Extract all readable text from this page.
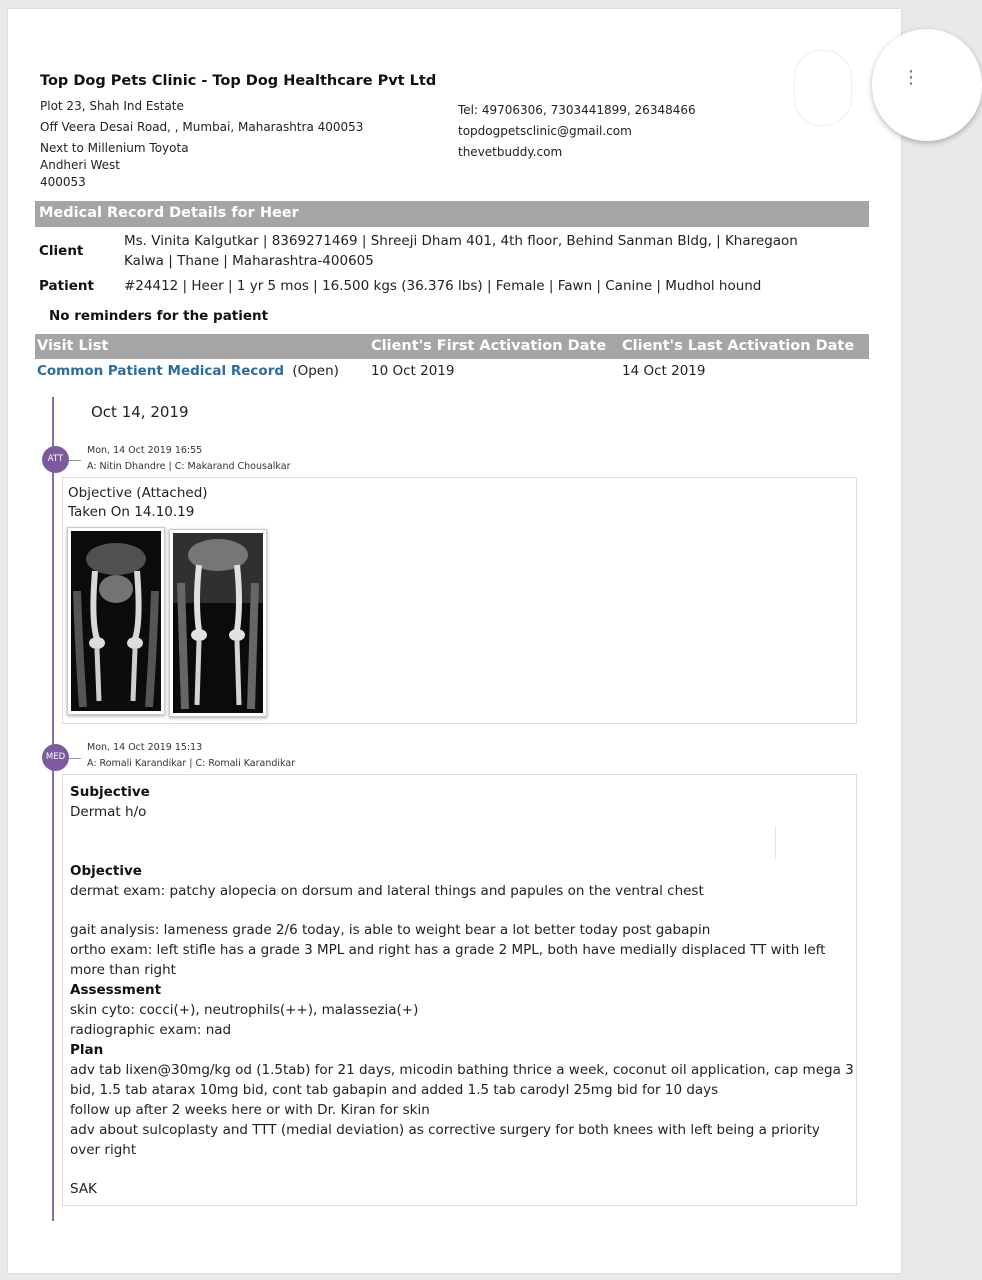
⋮
Top Dog Pets Clinic - Top Dog Healthcare Pvt Ltd
Plot 23, Shah Ind Estate
Off Veera Desai Road, , Mumbai, Maharashtra 400053
Next to Millenium Toyota
Andheri West
400053
Tel: 49706306, 7303441899, 26348466
topdogpetsclinic@gmail.com
thevetbuddy.com
Medical Record Details for Heer
Client
Ms. Vinita Kalgutkar | 8369271469 | Shreeji Dham 401, 4th floor, Behind Sanman Bldg, | Kharegaon
Kalwa | Thane | Maharashtra-400605
Patient #24412 | Heer | 1 yr 5 mos | 16.500 kgs (36.376 lbs) | Female | Fawn | Canine | Mudhol hound
No reminders for the patient
Visit List	Client's First Activation Date Client's Last Activation Date
Common Patient Medical Record (Open) 10 Oct 2019	14 Oct 2019
Oct 14, 2019
ATT
Mon, 14 Oct 2019 16:55
A: Nitin Dhandre | C: Makarand Chousalkar
Objective (Attached)
Taken On 14.10.19
MED
Mon, 14 Oct 2019 15:13
A: Romali Karandikar | C: Romali Karandikar
Subjective
Dermat h/o
Objective
dermat exam: patchy alopecia on dorsum and lateral things and papules on the ventral chest
gait analysis: lameness grade 2/6 today, is able to weight bear a lot better today post gabapin
ortho exam: left stifle has a grade 3 MPL and right has a grade 2 MPL, both have medially displaced TT with left
more than right
Assessment
skin cyto: cocci(+), neutrophils(++), malassezia(+)
radiographic exam: nad
Plan
adv tab lixen@30mg/kg od (1.5tab) for 21 days, micodin bathing thrice a week, coconut oil application, cap mega 3
bid, 1.5 tab atarax 10mg bid, cont tab gabapin and added 1.5 tab carodyl 25mg bid for 10 days
follow up after 2 weeks here or with Dr. Kiran for skin
adv about sulcoplasty and TTT (medial deviation) as corrective surgery for both knees with left being a priority
over right
SAK
